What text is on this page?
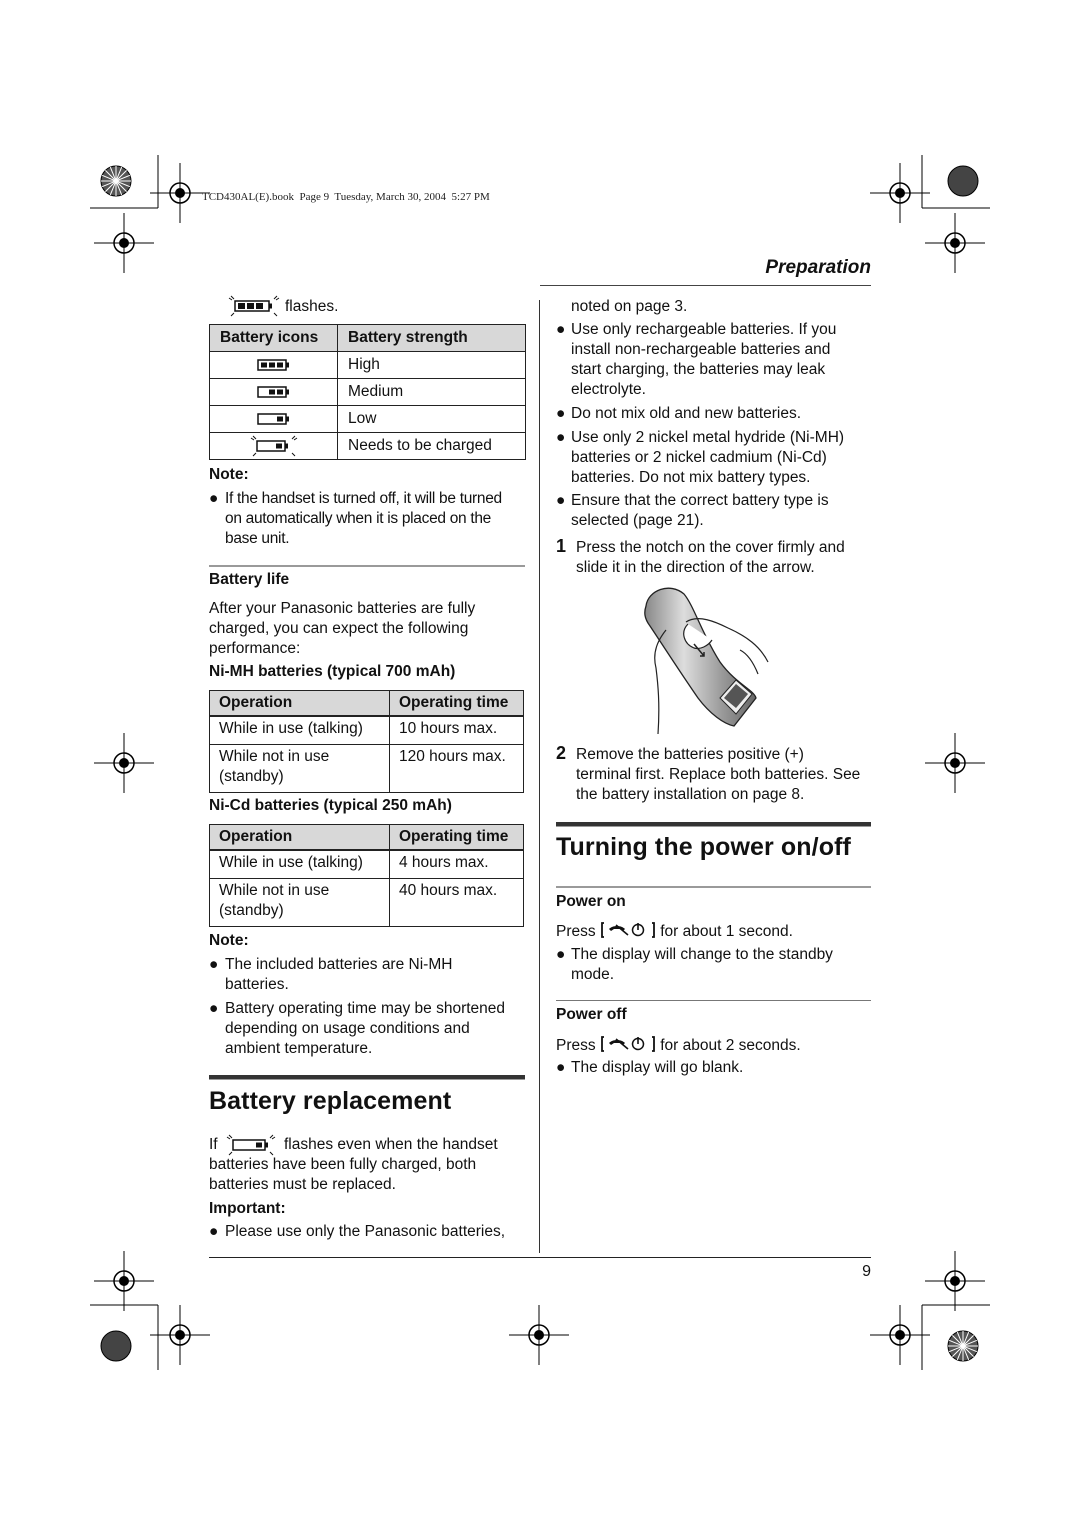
TCD430AL(E).book  Page 9  Tuesday, March 30, 2004  5:27 PM
Preparation
flashes.
Battery icons	Battery strength
	High
	Medium
	Low
	Needs to be charged
Note:
● If the handset is turned off, it will be turned
on automatically when it is placed on the
base unit.
Battery life
After your Panasonic batteries are fully
charged, you can expect the following
performance:
Ni-MH batteries (typical 700 mAh)
Operation	Operating time
While in use (talking)	10 hours max.
While not in use (standby)	120 hours max.
Ni-Cd batteries (typical 250 mAh)
Operation	Operating time
While in use (talking)	4 hours max.
While not in use (standby)	40 hours max.
Note:
● The included batteries are Ni-MH
batteries.
● Battery operating time may be shortened
depending on usage conditions and
ambient temperature.
Battery replacement
If	flashes even when the handset
batteries have been fully charged, both
batteries must be replaced.
Important:
● Please use only the Panasonic batteries,
noted on page 3.
● Use only rechargeable batteries. If you
install non-rechargeable batteries and
start charging, the batteries may leak
electrolyte.
● Do not mix old and new batteries.
● Use only 2 nickel metal hydride (Ni-MH)
batteries or 2 nickel cadmium (Ni-Cd)
batteries. Do not mix battery types.
● Ensure that the correct battery type is
selected (page 21).
1 Press the notch on the cover firmly and
slide it in the direction of the arrow.
2 Remove the batteries positive (+)
terminal first. Replace both batteries. See
the battery installation on page 8.
Turning the power on/off
Power on
Press	for about 1 second.
● The display will change to the standby
mode.
Power off
Press	for about 2 seconds.
● The display will go blank.
9
